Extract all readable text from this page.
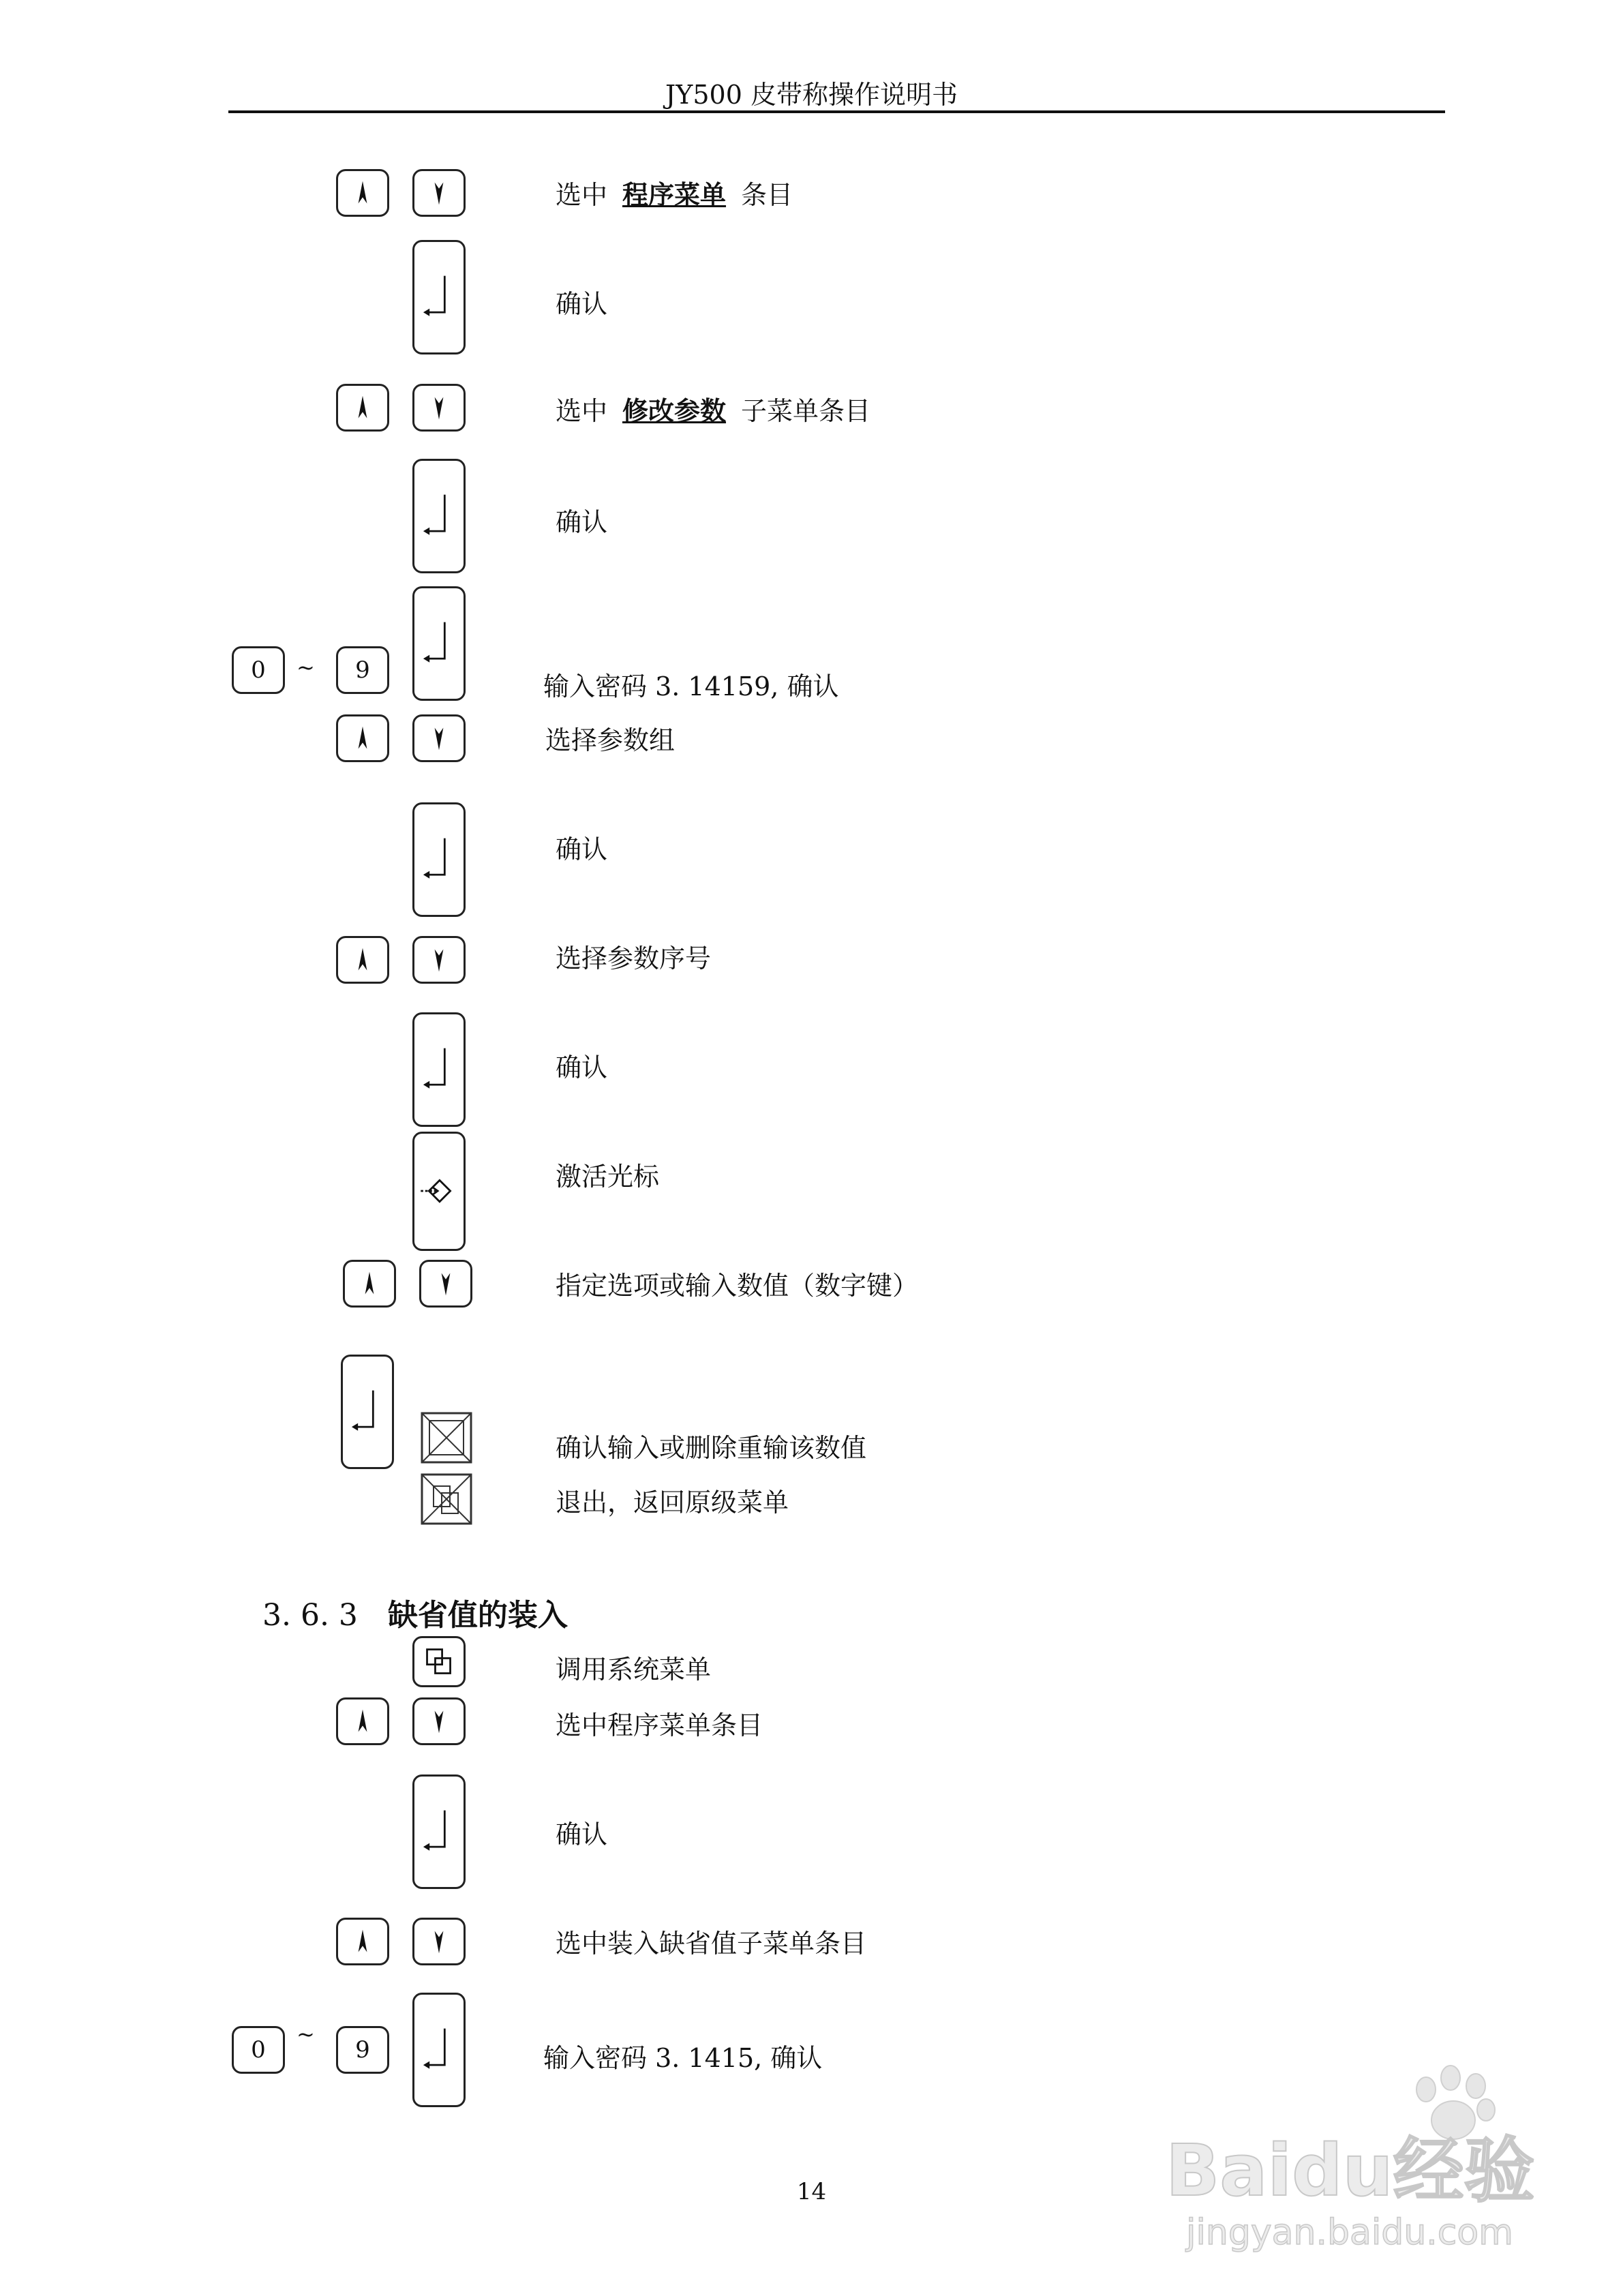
JY500 皮带称操作说明书
选中 程序菜单 条目
确认
选中 修改参数 子菜单条目
确认
0	~	9
输入密码 3. 14159, 确认
选择参数组
确认
选择参数序号
确认
激活光标
指定选项或输入数值（数字键）
确认输入或删除重输该数值
退出，返回原级菜单
3. 6. 3 缺省值的装入
调用系统菜单
选中程序菜单条目
确认
选中装入缺省值子菜单条目
0
~
9	输入密码 3. 1415, 确认
14	Baidu经验
jingyan.baidu.com
